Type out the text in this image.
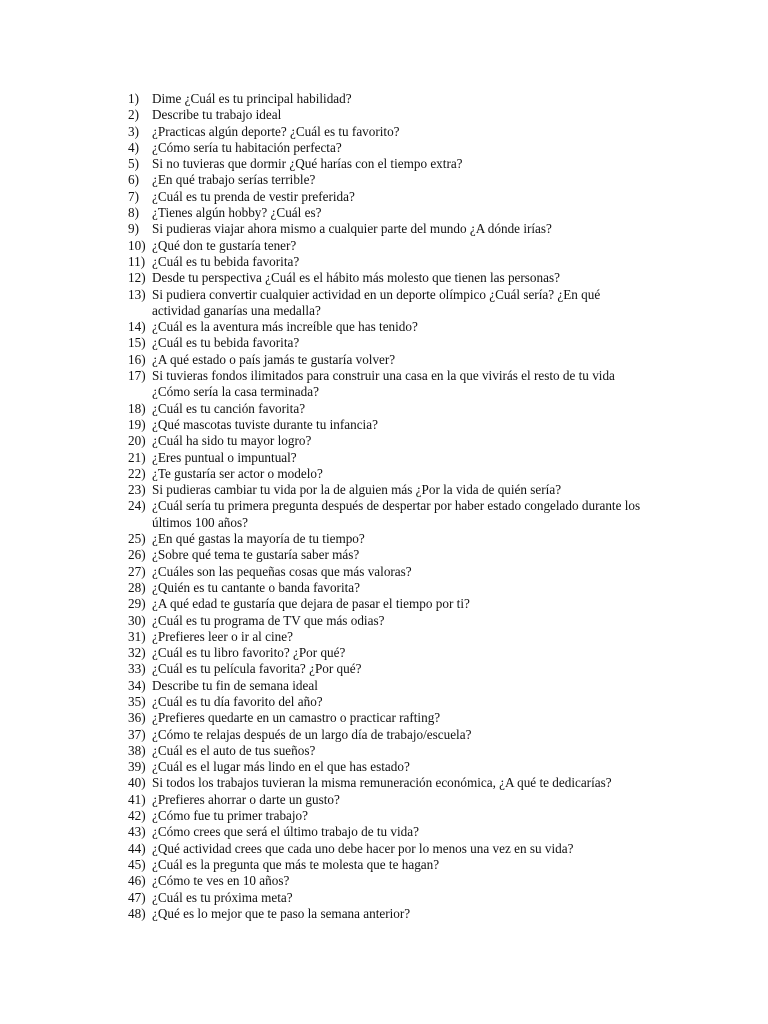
1) Dime ¿Cuál es tu principal habilidad?
2) Describe tu trabajo ideal
3) ¿Practicas algún deporte? ¿Cuál es tu favorito?
4) ¿Cómo sería tu habitación perfecta?
5) Si no tuvieras que dormir ¿Qué harías con el tiempo extra?
6) ¿En qué trabajo serías terrible?
7) ¿Cuál es tu prenda de vestir preferida?
8) ¿Tienes algún hobby? ¿Cuál es?
9) Si pudieras viajar ahora mismo a cualquier parte del mundo ¿A dónde irías?
10) ¿Qué don te gustaría tener?
11) ¿Cuál es tu bebida favorita?
12) Desde tu perspectiva ¿Cuál es el hábito más molesto que tienen las personas?
13) Si pudiera convertir cualquier actividad en un deporte olímpico ¿Cuál sería? ¿En qué actividad ganarías una medalla?
14) ¿Cuál es la aventura más increíble que has tenido?
15) ¿Cuál es tu bebida favorita?
16) ¿A qué estado o país jamás te gustaría volver?
17) Si tuvieras fondos ilimitados para construir una casa en la que vivirás el resto de tu vida ¿Cómo sería la casa terminada?
18) ¿Cuál es tu canción favorita?
19) ¿Qué mascotas tuviste durante tu infancia?
20) ¿Cuál ha sido tu mayor logro?
21) ¿Eres puntual o impuntual?
22) ¿Te gustaría ser actor o modelo?
23) Si pudieras cambiar tu vida por la de alguien más ¿Por la vida de quién sería?
24) ¿Cuál sería tu primera pregunta después de despertar por haber estado congelado durante los últimos 100 años?
25) ¿En qué gastas la mayoría de tu tiempo?
26) ¿Sobre qué tema te gustaría saber más?
27) ¿Cuáles son las pequeñas cosas que más valoras?
28) ¿Quién es tu cantante o banda favorita?
29) ¿A qué edad te gustaría que dejara de pasar el tiempo por ti?
30) ¿Cuál es tu programa de TV que más odias?
31) ¿Prefieres leer o ir al cine?
32) ¿Cuál es tu libro favorito? ¿Por qué?
33) ¿Cuál es tu película favorita? ¿Por qué?
34) Describe tu fin de semana ideal
35) ¿Cuál es tu día favorito del año?
36) ¿Prefieres quedarte en un camastro o practicar rafting?
37) ¿Cómo te relajas después de un largo día de trabajo/escuela?
38) ¿Cuál es el auto de tus sueños?
39) ¿Cuál es el lugar más lindo en el que has estado?
40) Si todos los trabajos tuvieran la misma remuneración económica, ¿A qué te dedicarías?
41) ¿Prefieres ahorrar o darte un gusto?
42) ¿Cómo fue tu primer trabajo?
43) ¿Cómo crees que será el último trabajo de tu vida?
44) ¿Qué actividad crees que cada uno debe hacer por lo menos una vez en su vida?
45) ¿Cuál es la pregunta que más te molesta que te hagan?
46) ¿Cómo te ves en 10 años?
47) ¿Cuál es tu próxima meta?
48) ¿Qué es lo mejor que te paso la semana anterior?
